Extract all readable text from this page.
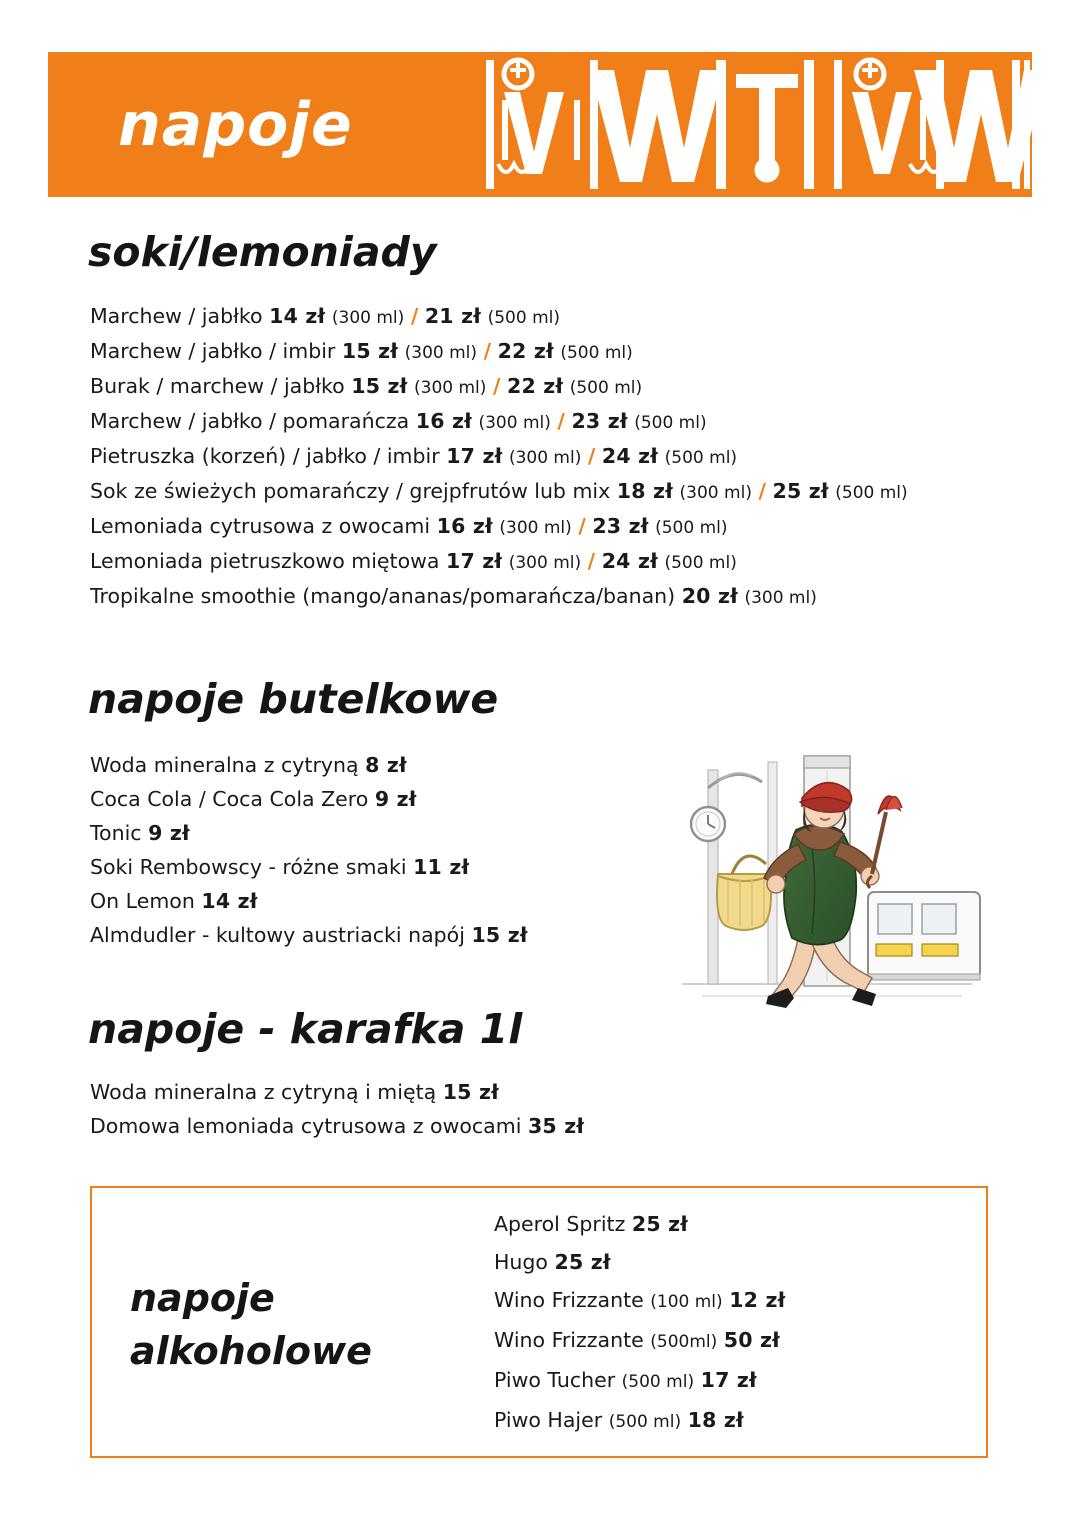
napoje
soki/lemoniady
Marchew / jabłko 14 zł (300 ml) / 21 zł (500 ml)
Marchew / jabłko / imbir 15 zł (300 ml) / 22 zł (500 ml)
Burak / marchew / jabłko 15 zł (300 ml) / 22 zł (500 ml)
Marchew / jabłko / pomarańcza 16 zł (300 ml) / 23 zł (500 ml)
Pietruszka (korzeń) / jabłko / imbir 17 zł (300 ml) / 24 zł (500 ml)
Sok ze świeżych pomarańczy / grejpfrutów lub mix 18 zł (300 ml) / 25 zł (500 ml)
Lemoniada cytrusowa z owocami 16 zł (300 ml) / 23 zł (500 ml)
Lemoniada pietruszkowo miętowa 17 zł (300 ml) / 24 zł (500 ml)
Tropikalne smoothie (mango/ananas/pomarańcza/banan) 20 zł (300 ml)
napoje butelkowe
Woda mineralna z cytryną 8 zł
Coca Cola / Coca Cola Zero 9 zł
Tonic 9 zł
Soki Rembowscy - różne smaki 11 zł
On Lemon 14 zł
Almdudler - kultowy austriacki napój 15 zł
napoje - karafka 1l
Woda mineralna z cytryną i miętą 15 zł
Domowa lemoniada cytrusowa z owocami 35 zł
napoje
alkoholowe
Aperol Spritz 25 zł
Hugo 25 zł
Wino Frizzante (100 ml) 12 zł
Wino Frizzante (500ml) 50 zł
Piwo Tucher (500 ml) 17 zł
Piwo Hajer (500 ml) 18 zł
